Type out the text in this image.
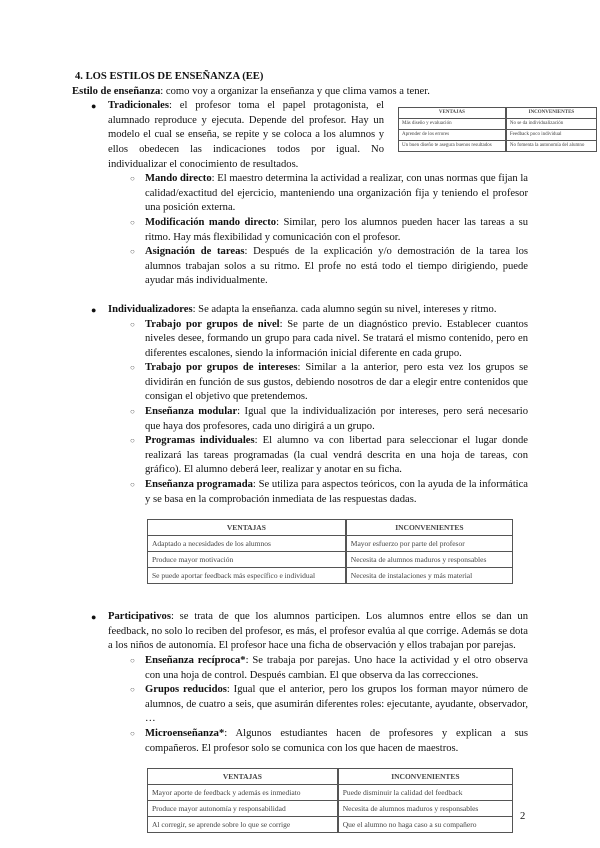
VENTAJAS	INCONVENIENTES
Más diseño y evaluación	No se da individualización
Aprender de los errores	Feedback poco individual
Un buen diseño te asegura buenos resultados	No fomenta la autonomía del alumno
4. LOS ESTILOS DE ENSEÑANZA (EE)
Estilo de enseñanza: como voy a organizar la enseñanza y que clima vamos a tener.
● Tradicionales: el profesor toma el papel protagonista, el alumnado reproduce y ejecuta. Depende del profesor. Hay un modelo el cual se enseña, se repite y se coloca a los alumnos y ellos obedecen las indicaciones todos por igual. No individualizar el conocimiento de resultados.
○ Mando directo: El maestro determina la actividad a realizar, con unas normas que fijan la calidad/exactitud del ejercicio, manteniendo una organización fija y teniendo el profesor una posición externa.
○ Modificación mando directo: Similar, pero los alumnos pueden hacer las tareas a su ritmo. Hay más flexibilidad y comunicación con el profesor.
○ Asignación de tareas: Después de la explicación y/o demostración de la tarea los alumnos trabajan solos a su ritmo. El profe no está todo el tiempo dirigiendo, puede ayudar más individualmente.
● Individualizadores: Se adapta la enseñanza. cada alumno según su nivel, intereses y ritmo.
○ Trabajo por grupos de nivel: Se parte de un diagnóstico previo. Establecer cuantos niveles desee, formando un grupo para cada nivel. Se tratará el mismo contenido, pero en diferentes escalones, siendo la información inicial diferente en cada grupo.
○ Trabajo por grupos de intereses: Similar a la anterior, pero esta vez los grupos se dividirán en función de sus gustos, debiendo nosotros de dar a elegir entre contenidos que consigan el objetivo que pretendemos.
○ Enseñanza modular: Igual que la individualización por intereses, pero será necesario que haya dos profesores, cada uno dirigirá a un grupo.
○ Programas individuales: El alumno va con libertad para seleccionar el lugar donde realizará las tareas programadas (la cual vendrá descrita en una hoja de tareas, con gráfico). El alumno deberá leer, realizar y anotar en su ficha.
○ Enseñanza programada: Se utiliza para aspectos teóricos, con la ayuda de la informática y se basa en la comprobación inmediata de las respuestas dadas.
VENTAJAS	INCONVENIENTES
Adaptado a necesidades de los alumnos	Mayor esfuerzo por parte del profesor
Produce mayor motivación	Necesita de alumnos maduros y responsables
Se puede aportar feedback más específico e individual	Necesita de instalaciones y más material
● Participativos: se trata de que los alumnos participen. Los alumnos entre ellos se dan un feedback, no solo lo reciben del profesor, es más, el profesor evalúa al que corrige. Además se dota a los niños de autonomía. El profesor hace una ficha de observación y ellos trabajan por parejas.
○ Enseñanza recíproca*: Se trabaja por parejas. Uno hace la actividad y el otro observa con una hoja de control. Después cambian. El que observa da las correcciones.
○ Grupos reducidos: Igual que el anterior, pero los grupos los forman mayor número de alumnos, de cuatro a seis, que asumirán diferentes roles: ejecutante, ayudante, observador, …
○ Microenseñanza*: Algunos estudiantes hacen de profesores y explican a sus compañeros. El profesor solo se comunica con los que hacen de maestros.
VENTAJAS	INCONVENIENTES
Mayor aporte de feedback y además es inmediato	Puede disminuir la calidad del feedback
Produce mayor autonomía y responsabilidad	Necesita de alumnos maduros y responsables
Al corregir, se aprende sobre lo que se corrige	Que el alumno no haga caso a su compañero
2
